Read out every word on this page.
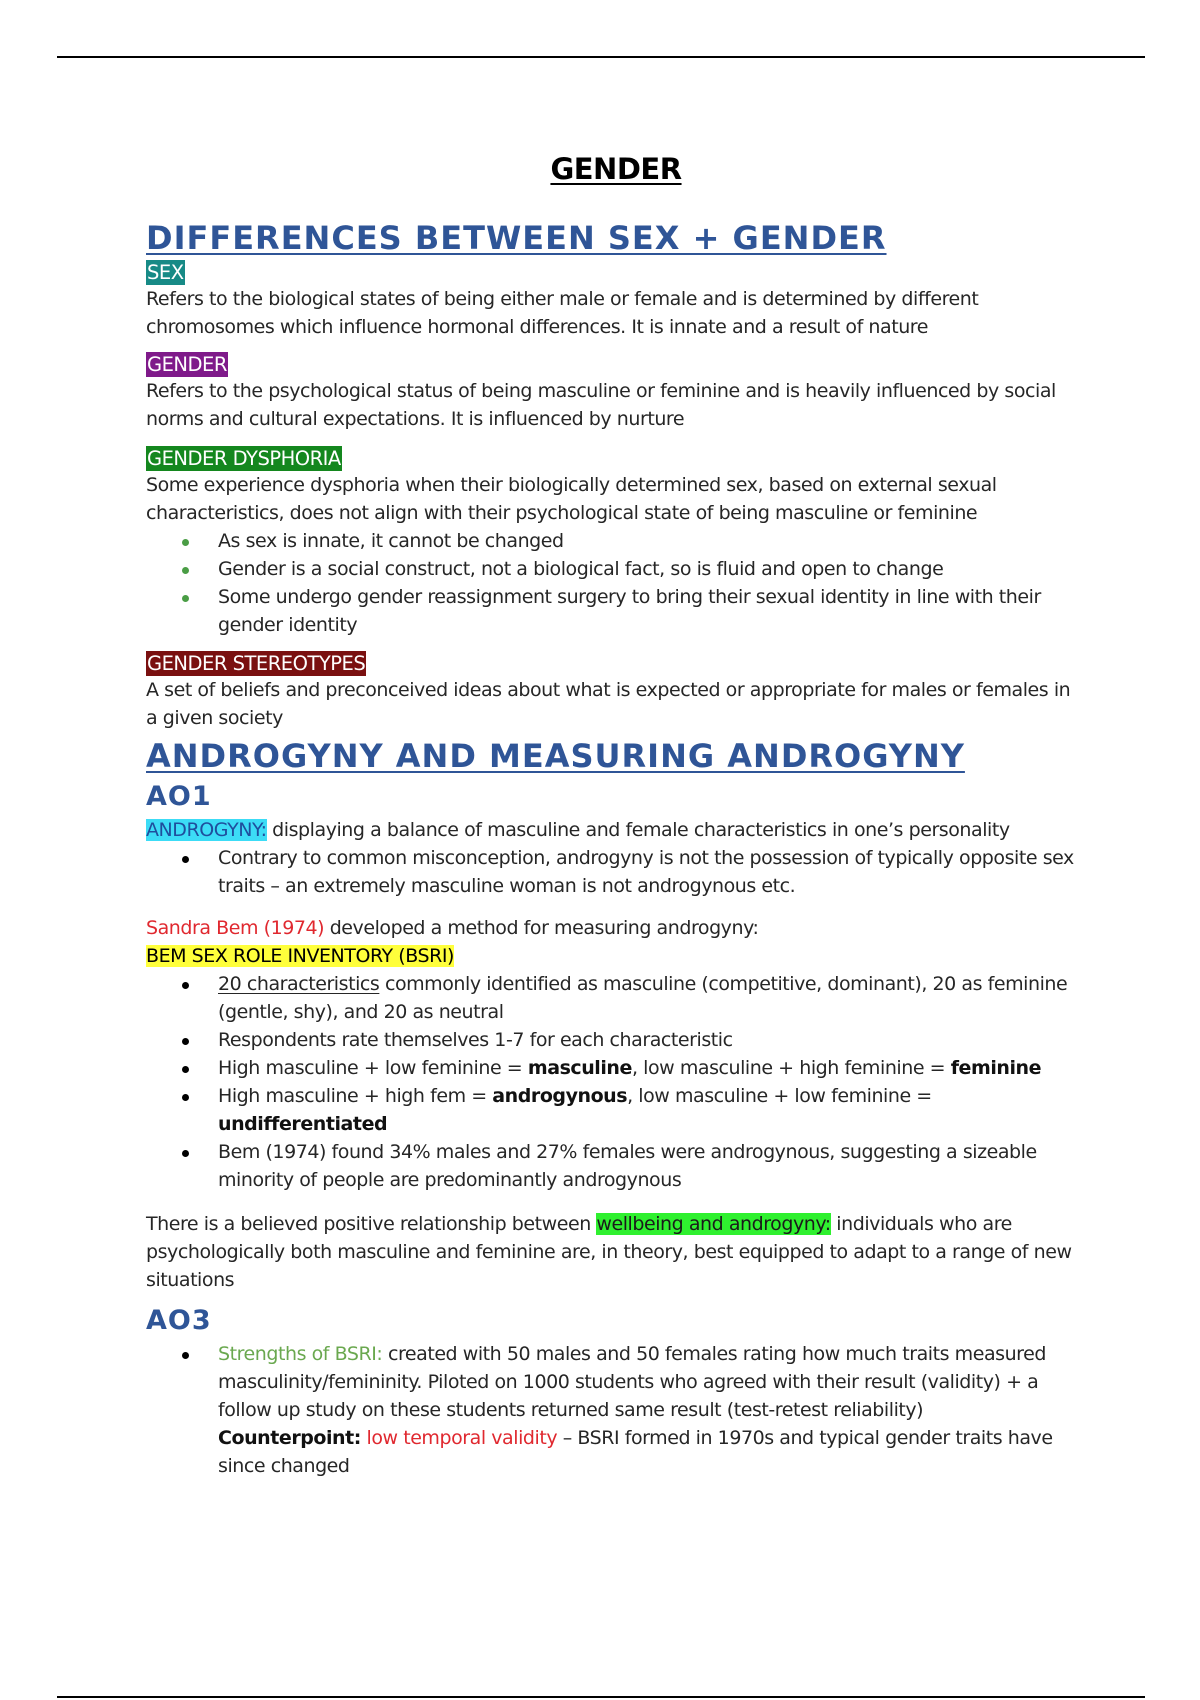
GENDER
DIFFERENCES BETWEEN SEX + GENDER
SEX

Refers to the biological states of being either male or female and is determined by different chromosomes which influence hormonal differences. It is innate and a result of nature

GENDER

Refers to the psychological status of being masculine or feminine and is heavily influenced by social norms and cultural expectations. It is influenced by nurture

GENDER DYSPHORIA

Some experience dysphoria when their biologically determined sex, based on external sexual characteristics, does not align with their psychological state of being masculine or feminine

As sex is innate, it cannot be changed
Gender is a social construct, not a biological fact, so is fluid and open to change
Some undergo gender reassignment surgery to bring their sexual identity in line with their gender identity
GENDER STEREOTYPES

A set of beliefs and preconceived ideas about what is expected or appropriate for males or females in a given society

ANDROGYNY AND MEASURING ANDROGYNY
AO1

ANDROGYNY: displaying a balance of masculine and female characteristics in one’s personality

Contrary to common misconception, androgyny is not the possession of typically opposite sex traits – an extremely masculine woman is not androgynous etc.

Sandra Bem (1974) developed a method for measuring androgyny:

BEM SEX ROLE INVENTORY (BSRI)

20 characteristics commonly identified as masculine (competitive, dominant), 20 as feminine (gentle, shy), and 20 as neutral
Respondents rate themselves 1-7 for each characteristic
High masculine + low feminine = masculine, low masculine + high feminine = feminine
High masculine + high fem = androgynous, low masculine + low feminine = undifferentiated
Bem (1974) found 34% males and 27% females were androgynous, suggesting a sizeable minority of people are predominantly androgynous

There is a believed positive relationship between wellbeing and androgyny: individuals who are psychologically both masculine and feminine are, in theory, best equipped to adapt to a range of new situations

AO3
Strengths of BSRI: created with 50 males and 50 females rating how much traits measured masculinity/femininity. Piloted on 1000 students who agreed with their result (validity) + a follow up study on these students returned same result (test-retest reliability)
Counterpoint: low temporal validity – BSRI formed in 1970s and typical gender traits have since changed
